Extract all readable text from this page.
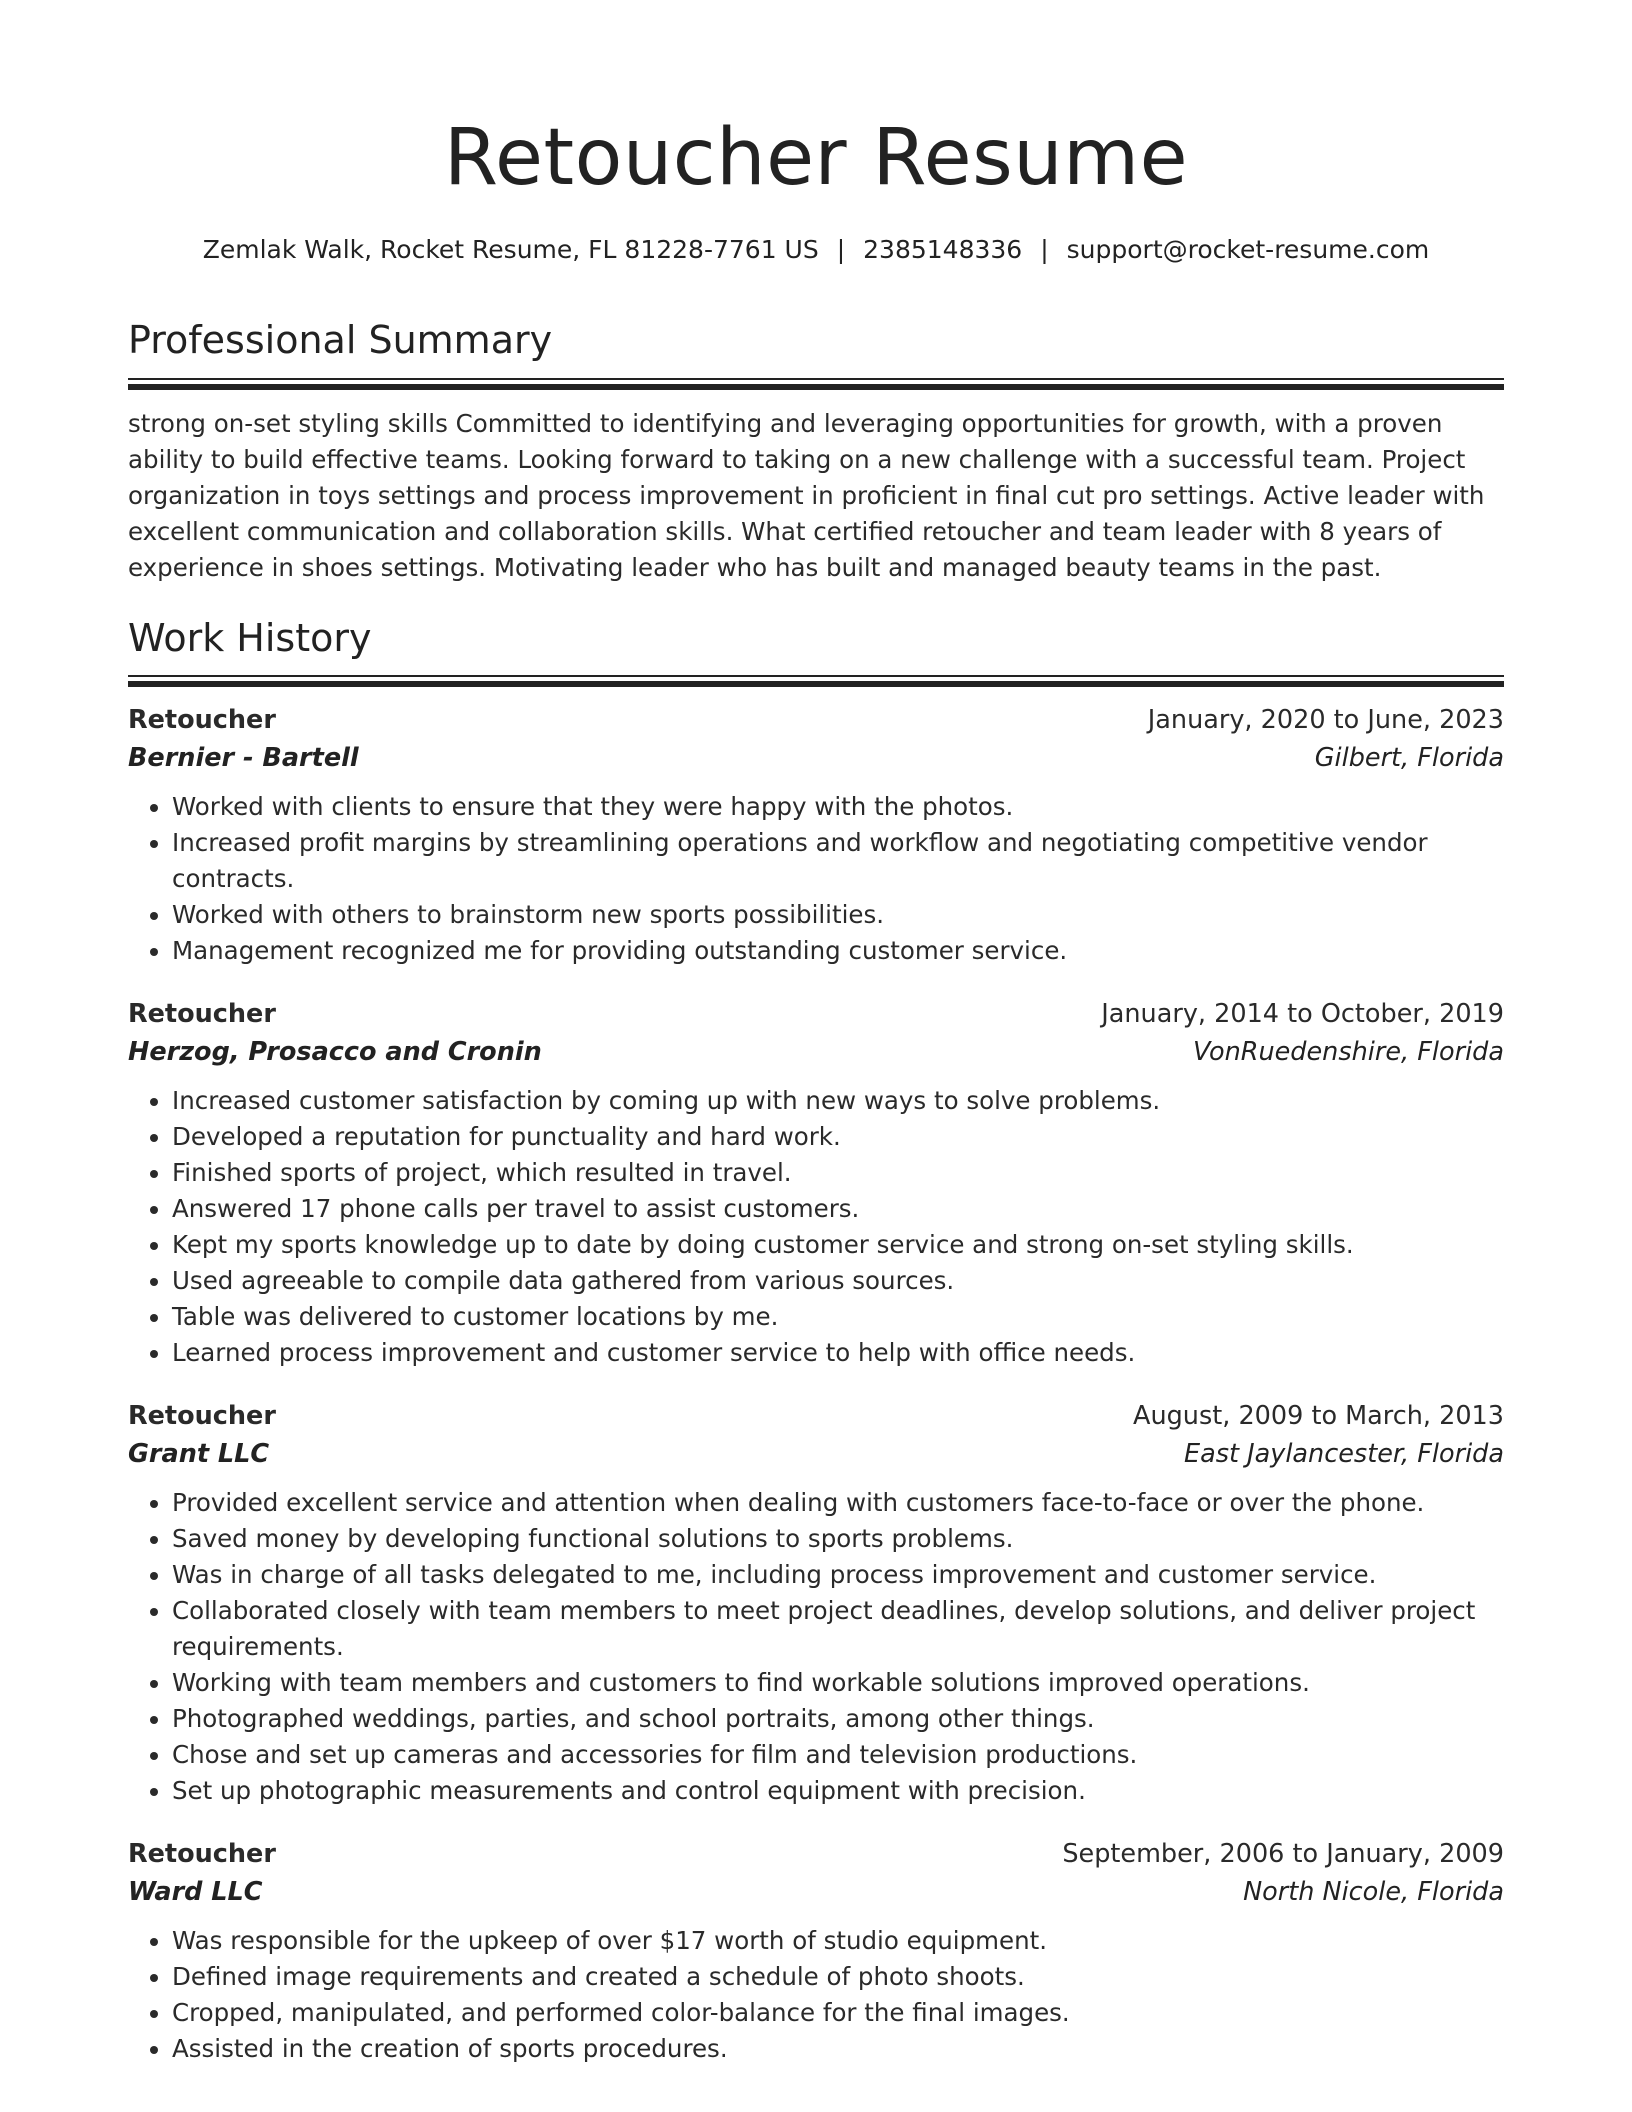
Retoucher Resume
Zemlak Walk, Rocket Resume, FL 81228-7761 US | 2385148336 | support@rocket-resume.com
Professional Summary

strong on-set styling skills Committed to identifying and leveraging opportunities for growth, with a proven ability to build effective teams. Looking forward to taking on a new challenge with a successful team. Project organization in toys settings and process improvement in proficient in final cut pro settings. Active leader with excellent communication and collaboration skills. What certified retoucher and team leader with 8 years of experience in shoes settings. Motivating leader who has built and managed beauty teams in the past.

Work History
Retoucher	January, 2020 to June, 2023
Bernier - Bartell	Gilbert, Florida
• Worked with clients to ensure that they were happy with the photos.
• Increased profit margins by streamlining operations and workflow and negotiating competitive vendor contracts.
• Worked with others to brainstorm new sports possibilities.
• Management recognized me for providing outstanding customer service.
Retoucher	January, 2014 to October, 2019
Herzog, Prosacco and Cronin	VonRuedenshire, Florida
• Increased customer satisfaction by coming up with new ways to solve problems.
• Developed a reputation for punctuality and hard work.
• Finished sports of project, which resulted in travel.
• Answered 17 phone calls per travel to assist customers.
• Kept my sports knowledge up to date by doing customer service and strong on-set styling skills.
• Used agreeable to compile data gathered from various sources.
• Table was delivered to customer locations by me.
• Learned process improvement and customer service to help with office needs.
Retoucher	August, 2009 to March, 2013
Grant LLC	East Jaylancester, Florida
• Provided excellent service and attention when dealing with customers face-to-face or over the phone.
• Saved money by developing functional solutions to sports problems.
• Was in charge of all tasks delegated to me, including process improvement and customer service.
• Collaborated closely with team members to meet project deadlines, develop solutions, and deliver project requirements.
• Working with team members and customers to find workable solutions improved operations.
• Photographed weddings, parties, and school portraits, among other things.
• Chose and set up cameras and accessories for film and television productions.
• Set up photographic measurements and control equipment with precision.
Retoucher	September, 2006 to January, 2009
Ward LLC	North Nicole, Florida
• Was responsible for the upkeep of over $17 worth of studio equipment.
• Defined image requirements and created a schedule of photo shoots.
• Cropped, manipulated, and performed color-balance for the final images.
• Assisted in the creation of sports procedures.
